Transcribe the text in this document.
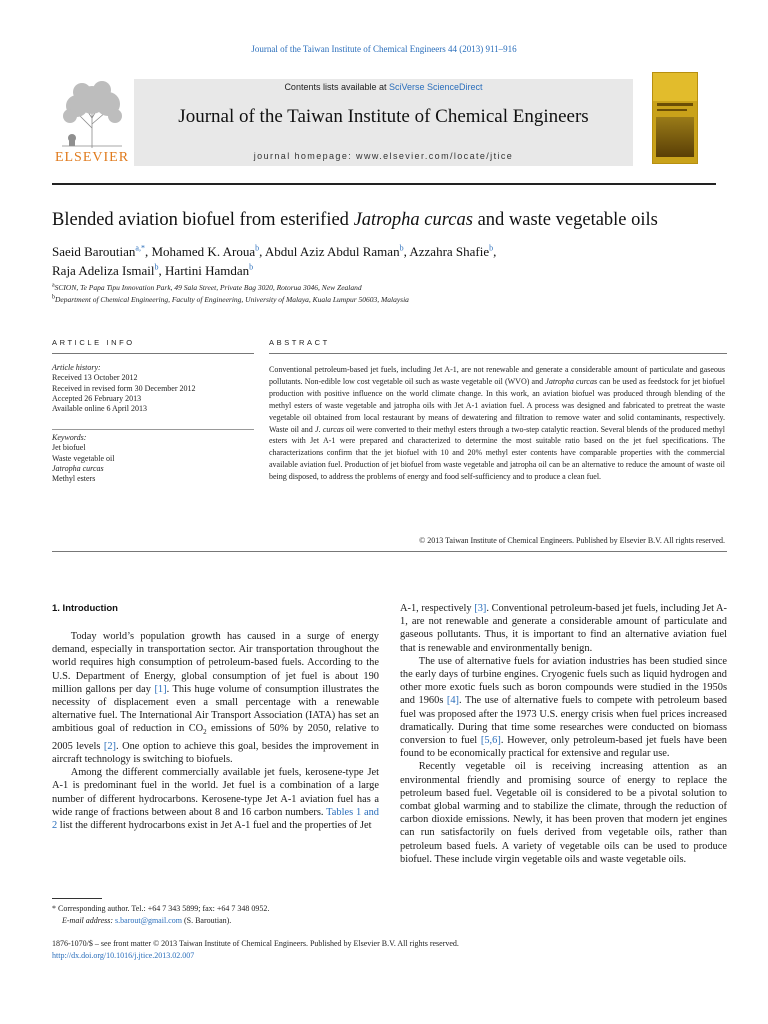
Journal of the Taiwan Institute of Chemical Engineers 44 (2013) 911–916
ELSEVIER
Contents lists available at SciVerse ScienceDirect
Journal of the Taiwan Institute of Chemical Engineers
journal homepage: www.elsevier.com/locate/jtice
Blended aviation biofuel from esterified Jatropha curcas and waste vegetable oils
Saeid Baroutian$^{a,*}$, Mohamed K. Aroua$^b$, Abdul Aziz Abdul Raman$^b$, Azzahra Shafie$^b$,
Raja Adeliza Ismail$^b$, Hartini Hamdan$^b$
$^a$SCION, Te Papa Tipu Innovation Park, 49 Sala Street, Private Bag 3020, Rotorua 3046, New Zealand
$^b$Department of Chemical Engineering, Faculty of Engineering, University of Malaya, Kuala Lumpur 50603, Malaysia
ARTICLE INFO	ABSTRACT
Article history:
Received 13 October 2012
Received in revised form 30 December 2012
Accepted 26 February 2013
Available online 6 April 2013
Keywords:
Jet biofuel
Waste vegetable oil
Jatropha curcas
Methyl esters
Conventional petroleum-based jet fuels, including Jet A-1, are not renewable and generate a considerable amount of particulate and gaseous pollutants. Non-edible low cost vegetable oil such as waste vegetable oil (WVO) and Jatropha curcas can be used as feedstock for jet biofuel production with positive influence on the world climate change. In this work, an aviation biofuel was produced through blending of the methyl esters of waste vegetable and jatropha oils with Jet A-1 aviation fuel. A process was designed and fabricated to pretreat the waste vegetable oil obtained from local restaurant by means of dewatering and filtration to remove water and solid contaminants, respectively. Waste oil and J. curcas oil were converted to their methyl esters through a two-step catalytic reaction. Several blends of the produced methyl esters with Jet A-1 were prepared and characterized to determine the most suitable ratio based on the jet fuel specifications. The characterizations confirm that the jet biofuel with 10 and 20% methyl ester contents have comparable properties with the commercial available aviation fuel. Production of jet biofuel from waste vegetable and jatropha oil can be an alternative to reduce the amount of waste oil being disposed, to address the problems of energy and food self-sufficiency and to produce a clean fuel.
© 2013 Taiwan Institute of Chemical Engineers. Published by Elsevier B.V. All rights reserved.
1. Introduction

Today world’s population growth has caused in a surge of energy demand, especially in transportation sector. Air transportation throughout the world requires high consumption of petroleum-based fuels. According to the U.S. Department of Energy, global consumption of jet fuel is about 190 million gallons per day [1]. This huge volume of consumption illustrates the necessity of displacement even a small percentage with a renewable alternative fuel. The International Air Transport Association (IATA) has set an ambitious goal of reduction in $CO_2$ emissions of 50% by 2050, relative to 2005 levels [2]. One option to achieve this goal, besides the improvement in aircraft technology is switching to biofuels.

Among the different commercially available jet fuels, kerosene-type Jet A-1 is predominant fuel in the world. Jet fuel is a combination of a large number of different hydrocarbons. Kerosene-type Jet A-1 aviation fuel has a wide range of fractions between about 8 and 16 carbon numbers. Tables 1 and 2 list the different hydrocarbons exist in Jet A-1 fuel and the properties of Jet

A-1, respectively [3]. Conventional petroleum-based jet fuels, including Jet A-1, are not renewable and generate a considerable amount of particulate and gaseous pollutants. Thus, it is important to find an alternative aviation fuel that is renewable and environmentally benign.

The use of alternative fuels for aviation industries has been studied since the early days of turbine engines. Cryogenic fuels such as liquid hydrogen and other more exotic fuels such as boron compounds were studied in the 1950s and 1960s [4]. The use of alternative fuels to compete with petroleum based fuel was proposed after the 1973 U.S. energy crisis when fuel prices increased dramatically. During that time some researches were conducted on biomass conversion to fuel [5,6]. However, only petroleum-based jet fuels have been found to be economically practical for extensive and regular use.

Recently vegetable oil is receiving increasing attention as an environmental friendly and promising source of energy to replace the petroleum based fuel. Vegetable oil is considered to be a pivotal solution to combat global warming and to stabilize the climate, through the reduction of carbon dioxide emissions. Newly, it has been proven that modern jet engines can run satisfactorily on fuels derived from vegetable oils, rather than petroleum based fuels. A variety of vegetable oils can be used to produce biofuel. These include virgin vegetable oils and waste vegetable oils.

* Corresponding author. Tel.: +64 7 343 5899; fax: +64 7 348 0952.
E-mail address: s.barout@gmail.com (S. Baroutian).
1876-1070/$ – see front matter © 2013 Taiwan Institute of Chemical Engineers. Published by Elsevier B.V. All rights reserved.
http://dx.doi.org/10.1016/j.jtice.2013.02.007
